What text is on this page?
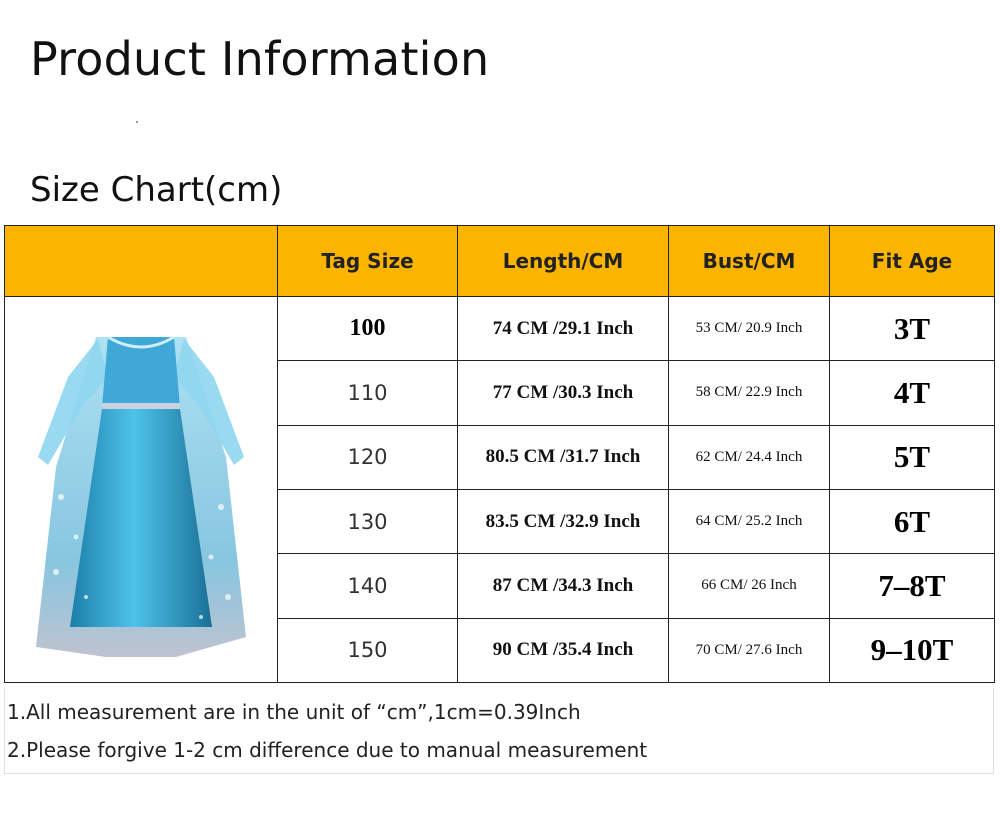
Product Information
Size Chart(cm)
	Tag Size	Length/CM	Bust/CM	Fit Age
	100	74 CM /29.1 Inch	53 CM/ 20.9 Inch	3T
	110	77 CM /30.3 Inch	58 CM/ 22.9 Inch	4T
	120	80.5 CM /31.7 Inch	62 CM/ 24.4 Inch	5T
	130	83.5 CM /32.9 Inch	64 CM/ 25.2 Inch	6T
	140	87 CM /34.3 Inch	66 CM/ 26 Inch	7–8T
	150	90 CM /35.4 Inch	70 CM/ 27.6 Inch	9–10T

1.All measurement are in the unit of “cm”,1cm=0.39Inch

2.Please forgive 1-2 cm difference due to manual measurement
